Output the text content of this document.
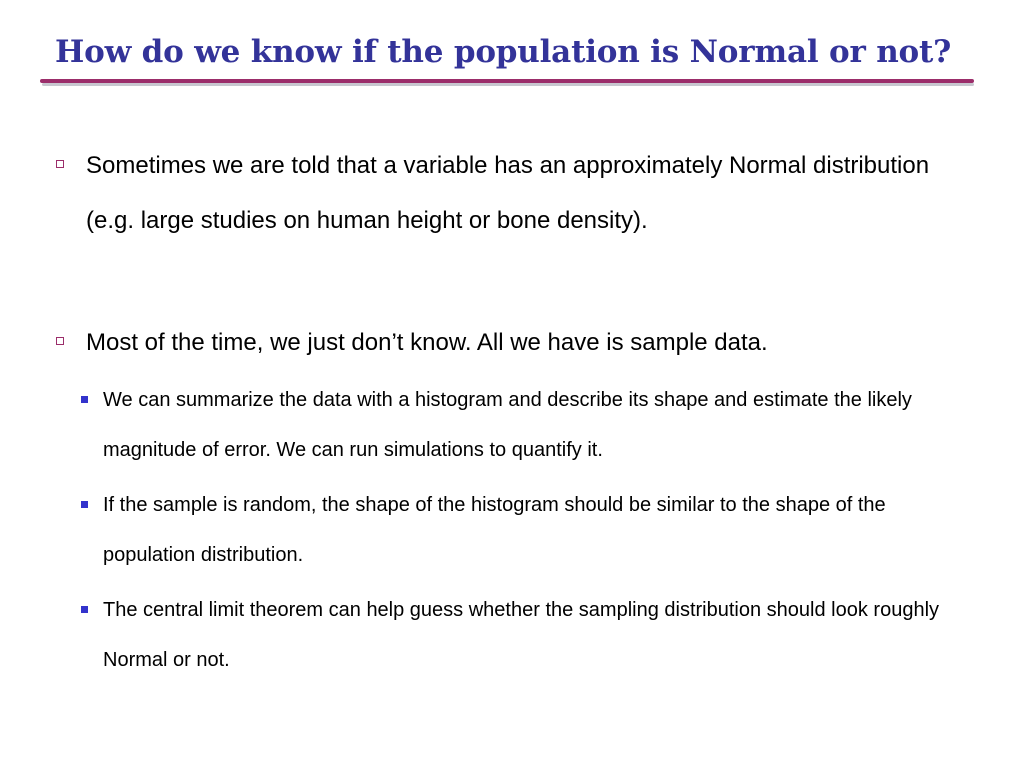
How do we know if the population is Normal or not?
Sometimes we are told that a variable has an approximately Normal distribution (e.g. large studies on human height or bone density).
Most of the time, we just don’t know. All we have is sample data.
We can summarize the data with a histogram and describe its shape and estimate the likely magnitude of error. We can run simulations to quantify it.
If the sample is random, the shape of the histogram should be similar to the shape of the population distribution.
The central limit theorem can help guess whether the sampling distribution should look roughly Normal or not.
